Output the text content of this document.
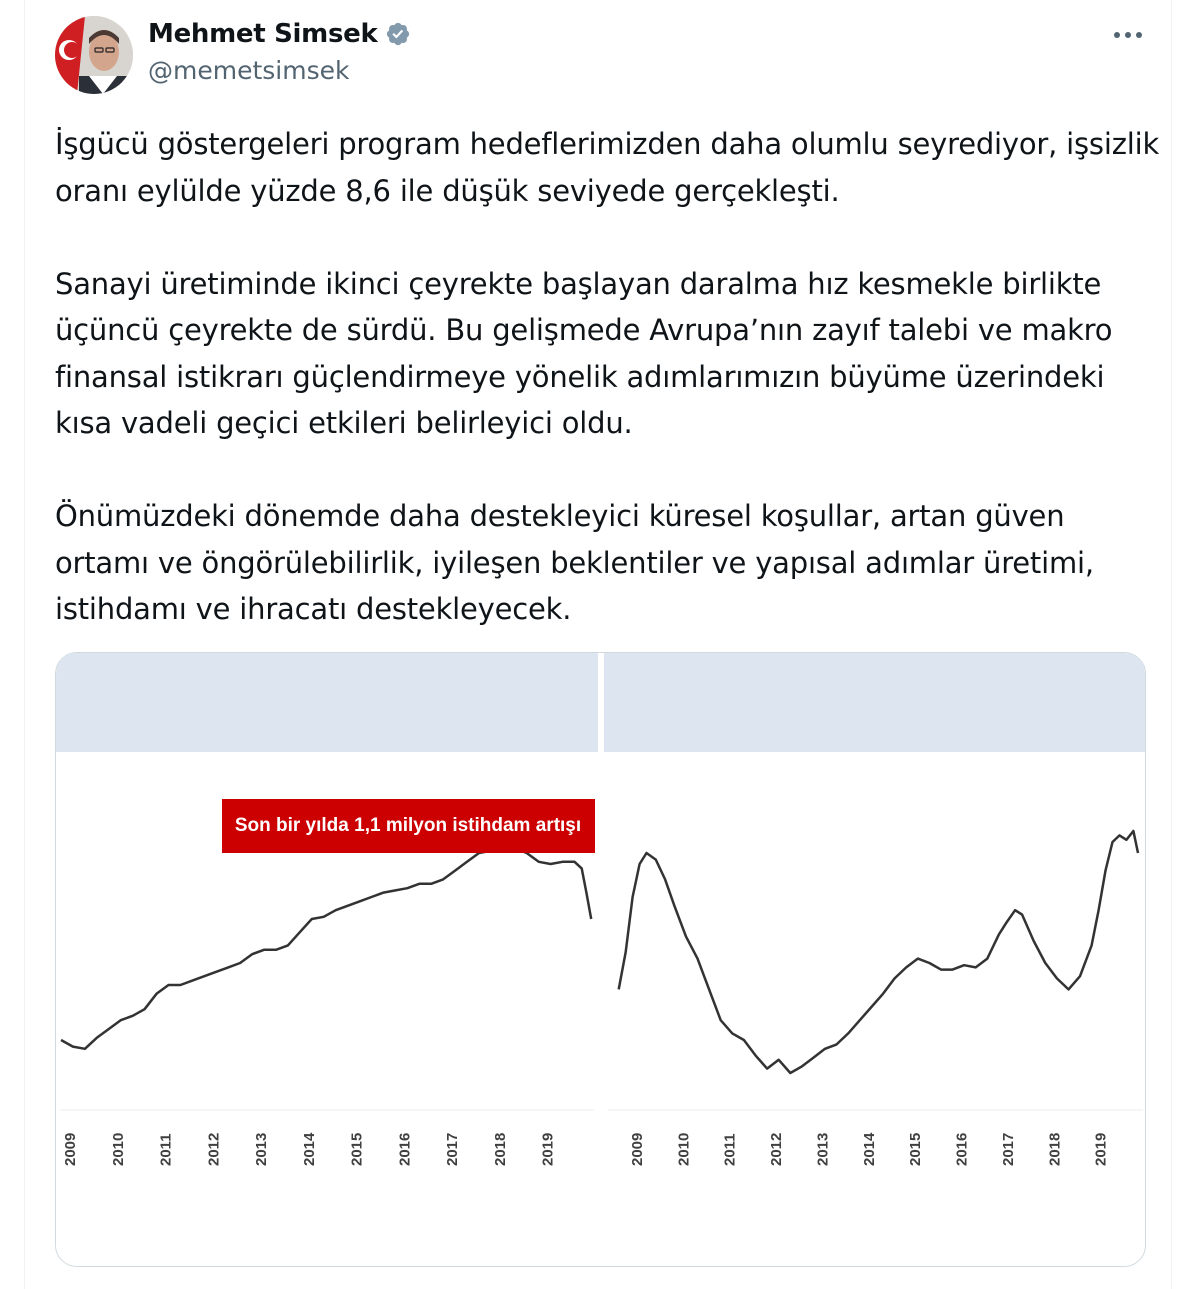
Mehmet Simsek
@memetsimsek

İşgücü göstergeleri program hedeflerimizden daha olumlu seyrediyor, işsizlik oranı eylülde yüzde 8,6 ile düşük seviyede gerçekleşti.

Sanayi üretiminde ikinci çeyrekte başlayan daralma hız kesmekle birlikte üçüncü çeyrekte de sürdü. Bu gelişmede Avrupa’nın zayıf talebi ve makro finansal istikrarı güçlendirmeye yönelik adımlarımızın büyüme üzerindeki kısa vadeli geçici etkileri belirleyici oldu.

Önümüzdeki dönemde daha destekleyici küresel koşullar, artan güven ortamı ve öngörülebilirlik, iyileşen beklentiler ve yapısal adımlar üretimi, istihdamı ve ihracatı destekleyecek.

2009 2010 2011 2012 2013 2014 2015 2016 2017 2018 2019	2009 2010 2011 2012 2013 2014 2015 2016 2017 2018 2019
Son bir yılda 1,1 milyon istihdam artışı
